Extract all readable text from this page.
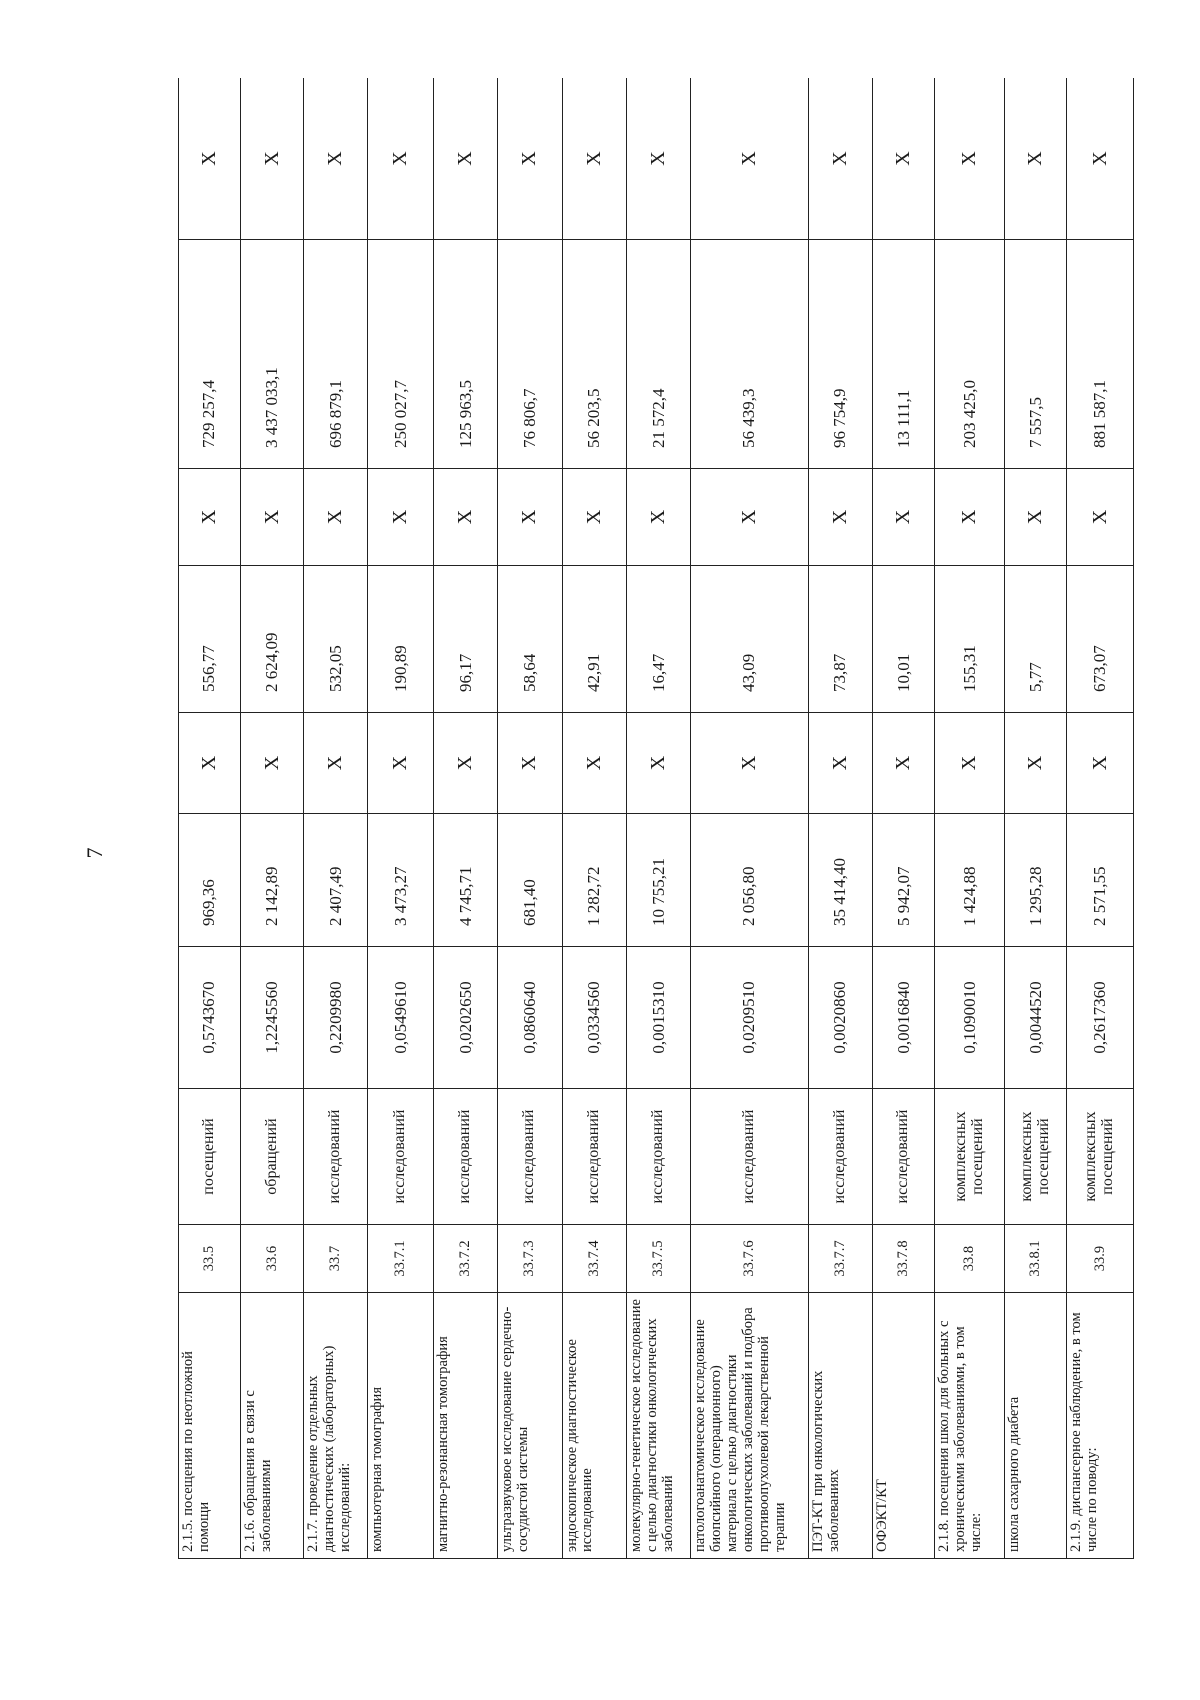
7
2.1.5. посещения по неотложной помощи	33.5	посещений	0,5743670	969,36	X	556,77	X	729 257,4	X
2.1.6. обращения в связи с заболеваниями	33.6	обращений	1,2245560	2 142,89	X	2 624,09	X	3 437 033,1	X
2.1.7. проведение отдельных диагностических (лабораторных) исследований:	33.7	исследований	0,2209980	2 407,49	X	532,05	X	696 879,1	X
компьютерная томография	33.7.1	исследований	0,0549610	3 473,27	X	190,89	X	250 027,7	X
магнитно-резонансная томография	33.7.2	исследований	0,0202650	4 745,71	X	96,17	X	125 963,5	X
ультразвуковое исследование сердечно-сосудистой системы	33.7.3	исследований	0,0860640	681,40	X	58,64	X	76 806,7	X
эндоскопическое диагностическое исследование	33.7.4	исследований	0,0334560	1 282,72	X	42,91	X	56 203,5	X
молекулярно-генетическое исследование с целью диагностики онкологических заболеваний	33.7.5	исследований	0,0015310	10 755,21	X	16,47	X	21 572,4	X
патологоанатомическое исследование биопсийного (операционного) материала с целью диагностики онкологических заболеваний и подбора противоопухолевой лекарственной терапии	33.7.6	исследований	0,0209510	2 056,80	X	43,09	X	56 439,3	X
ПЭТ-КТ при онкологических заболеваниях	33.7.7	исследований	0,0020860	35 414,40	X	73,87	X	96 754,9	X
ОФЭКТ/КТ	33.7.8	исследований	0,0016840	5 942,07	X	10,01	X	13 111,1	X
2.1.8. посещения школ для больных с хроническими заболеваниями, в том числе:	33.8	комплексных посещений	0,1090010	1 424,88	X	155,31	X	203 425,0	X
школа сахарного диабета	33.8.1	комплексных посещений	0,0044520	1 295,28	X	5,77	X	7 557,5	X
2.1.9. диспансерное наблюдение, в том числе по поводу:	33.9	комплексных посещений	0,2617360	2 571,55	X	673,07	X	881 587,1	X
